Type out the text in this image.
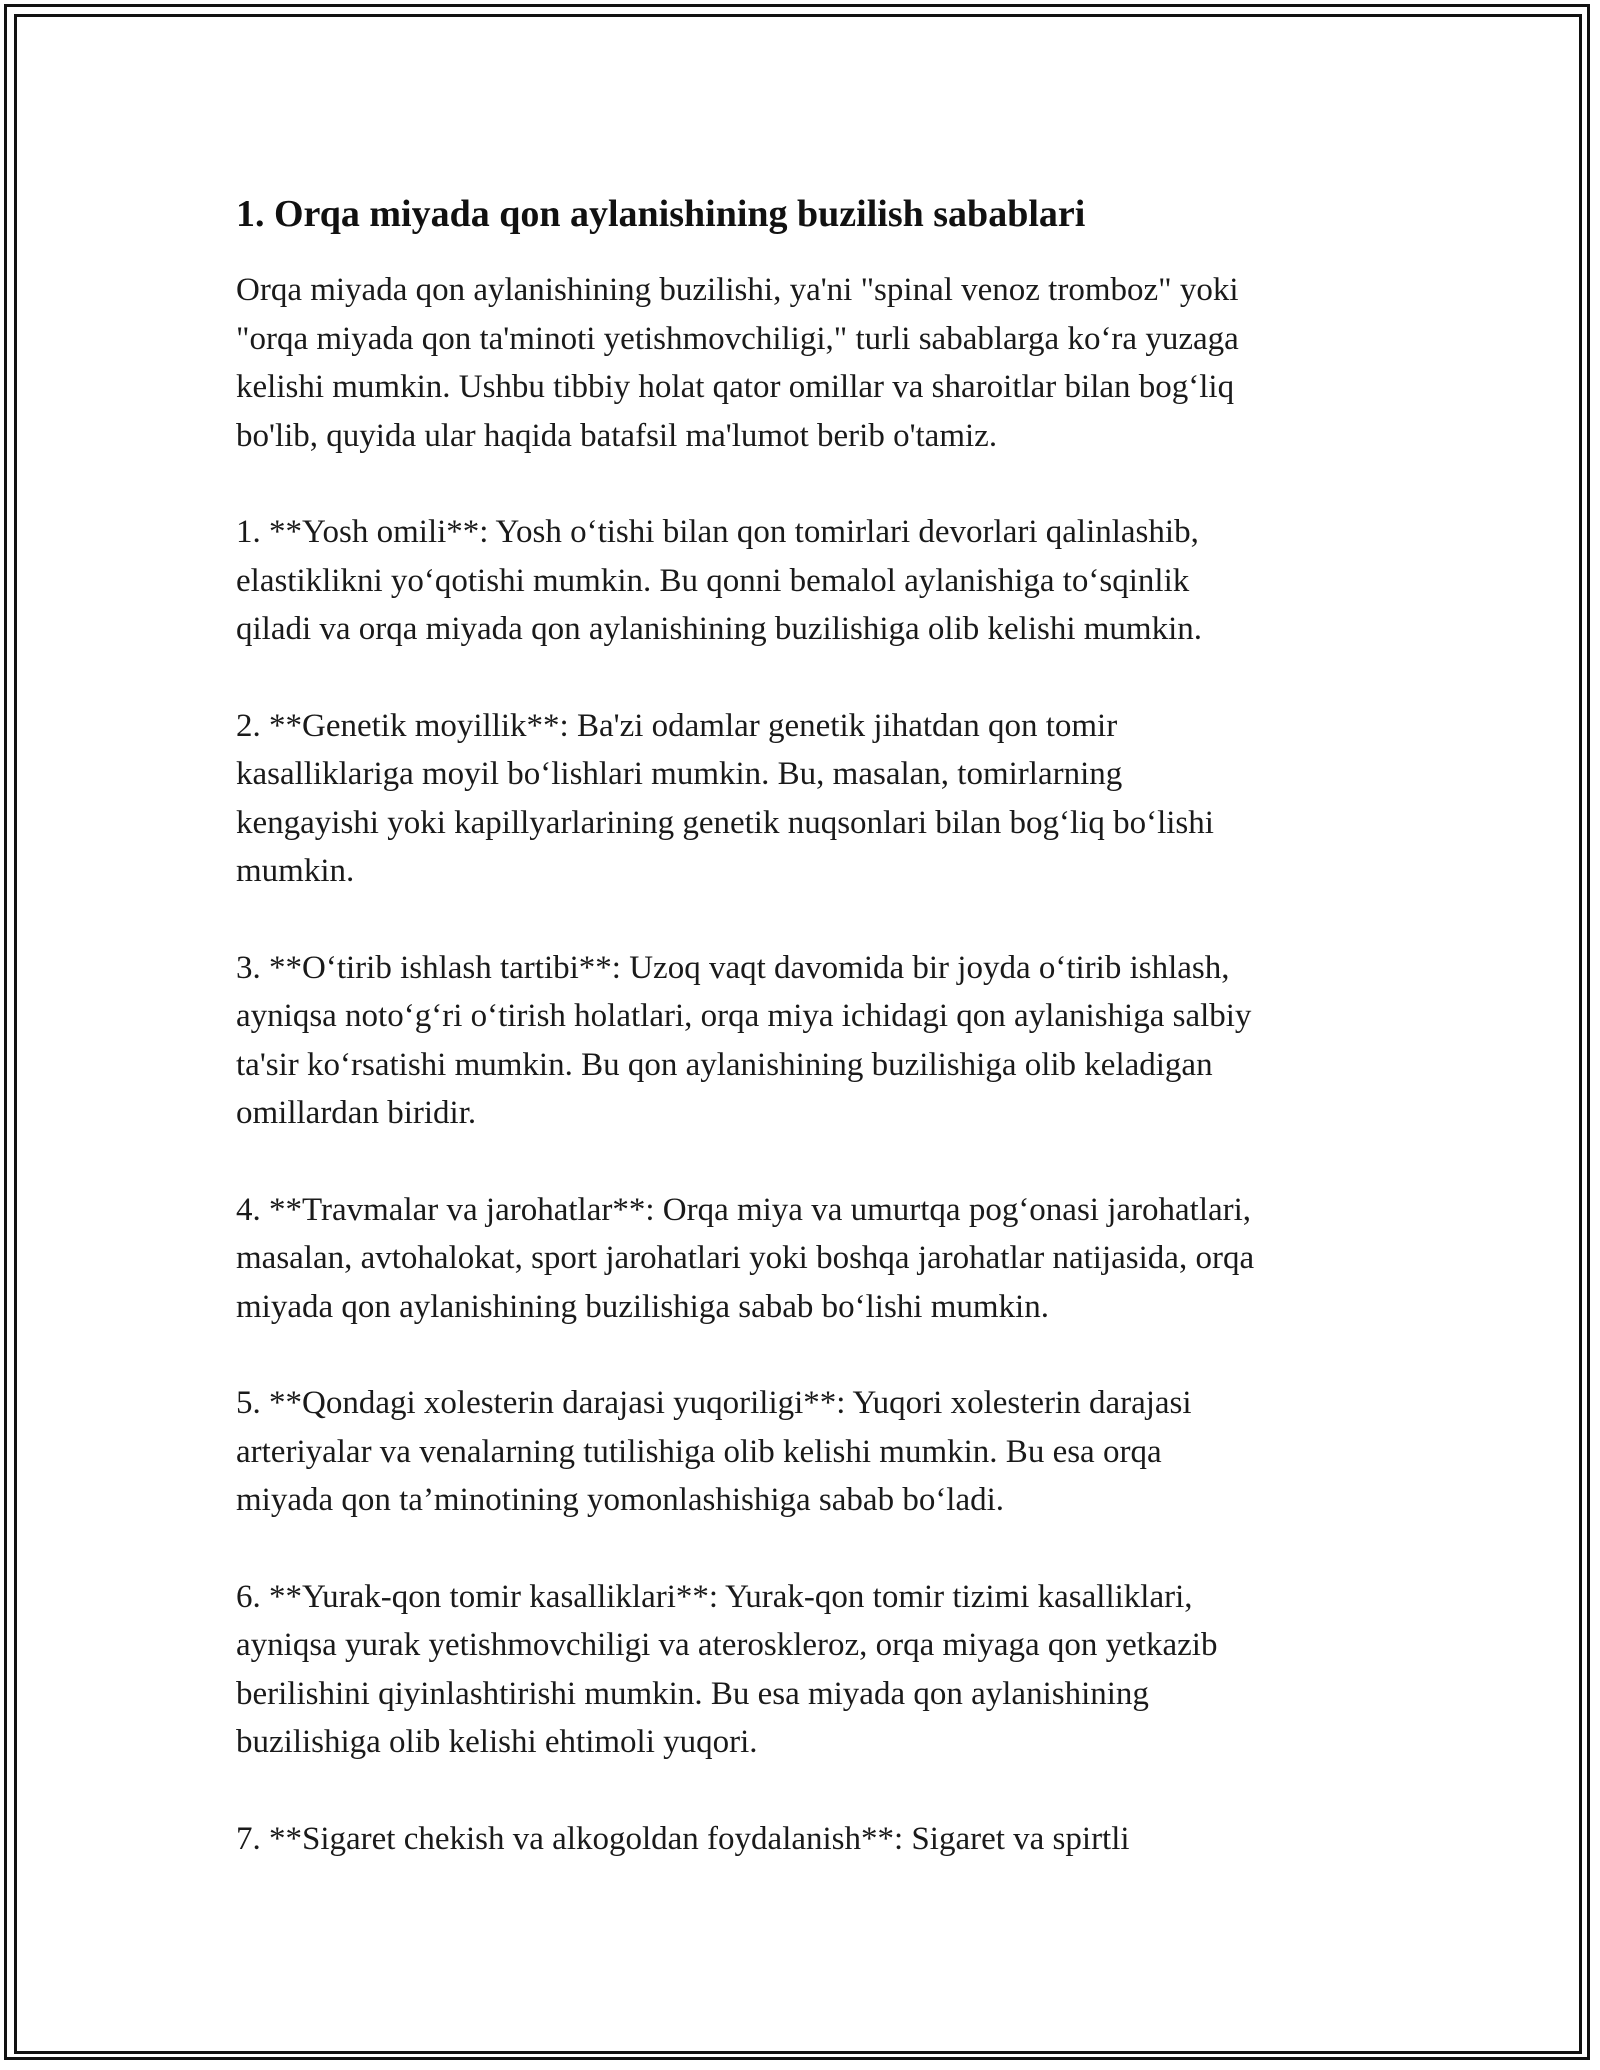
1. Orqa miyada qon aylanishining buzilish sabablari

Orqa miyada qon aylanishining buzilishi, ya'ni "spinal venoz tromboz" yoki
"orqa miyada qon ta'minoti yetishmovchiligi," turli sabablarga ko‘ra yuzaga
kelishi mumkin. Ushbu tibbiy holat qator omillar va sharoitlar bilan bog‘liq
bo'lib, quyida ular haqida batafsil ma'lumot berib o'tamiz.

1. **Yosh omili**: Yosh o‘tishi bilan qon tomirlari devorlari qalinlashib,
elastiklikni yo‘qotishi mumkin. Bu qonni bemalol aylanishiga to‘sqinlik
qiladi va orqa miyada qon aylanishining buzilishiga olib kelishi mumkin.

2. **Genetik moyillik**: Ba'zi odamlar genetik jihatdan qon tomir
kasalliklariga moyil bo‘lishlari mumkin. Bu, masalan, tomirlarning
kengayishi yoki kapillyarlarining genetik nuqsonlari bilan bog‘liq bo‘lishi
mumkin.

3. **O‘tirib ishlash tartibi**: Uzoq vaqt davomida bir joyda o‘tirib ishlash,
ayniqsa noto‘g‘ri o‘tirish holatlari, orqa miya ichidagi qon aylanishiga salbiy
ta'sir ko‘rsatishi mumkin. Bu qon aylanishining buzilishiga olib keladigan
omillardan biridir.

4. **Travmalar va jarohatlar**: Orqa miya va umurtqa pog‘onasi jarohatlari,
masalan, avtohalokat, sport jarohatlari yoki boshqa jarohatlar natijasida, orqa
miyada qon aylanishining buzilishiga sabab bo‘lishi mumkin.

5. **Qondagi xolesterin darajasi yuqoriligi**: Yuqori xolesterin darajasi
arteriyalar va venalarning tutilishiga olib kelishi mumkin. Bu esa orqa
miyada qon ta’minotining yomonlashishiga sabab bo‘ladi.

6. **Yurak-qon tomir kasalliklari**: Yurak-qon tomir tizimi kasalliklari,
ayniqsa yurak yetishmovchiligi va ateroskleroz, orqa miyaga qon yetkazib
berilishini qiyinlashtirishi mumkin. Bu esa miyada qon aylanishining
buzilishiga olib kelishi ehtimoli yuqori.

7. **Sigaret chekish va alkogoldan foydalanish**: Sigaret va spirtli
